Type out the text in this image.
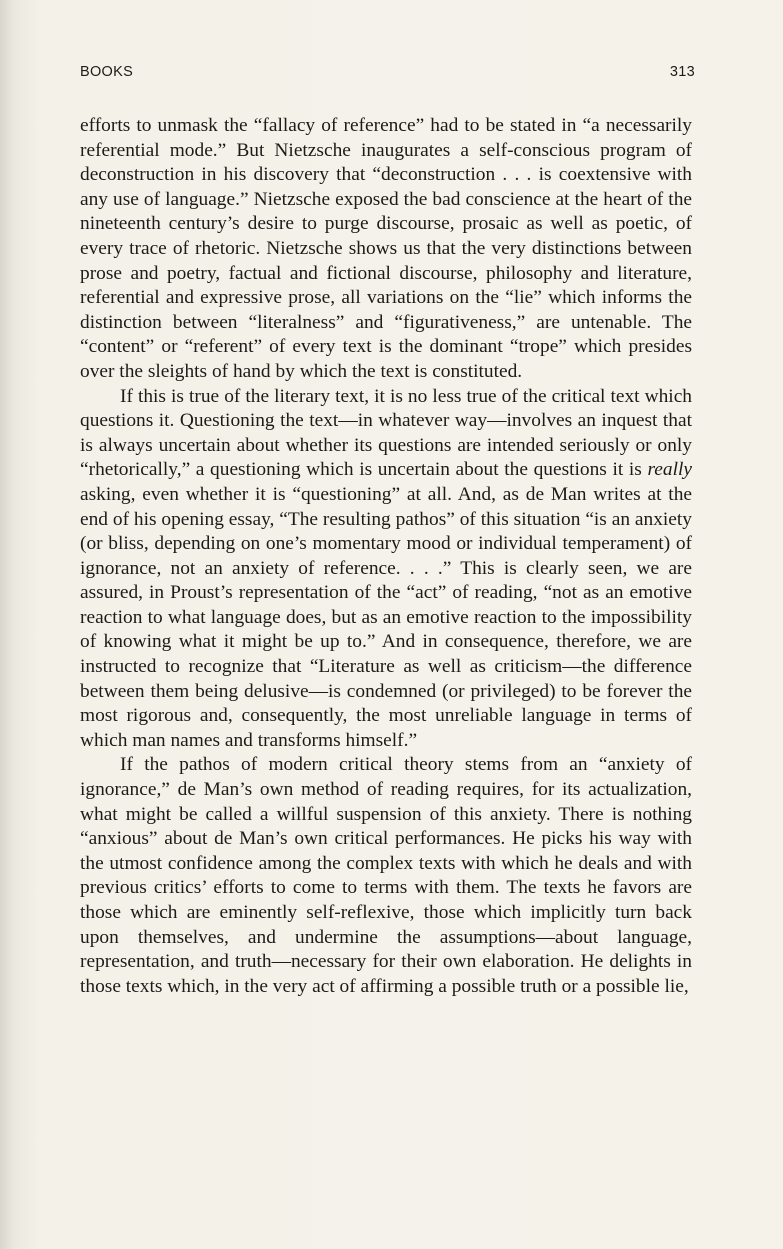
BOOKS	313

efforts to unmask the “fallacy of reference” had to be stated in “a necessarily referential mode.” But Nietzsche inaugurates a self-conscious program of deconstruction in his discovery that “deconstruction . . . is coextensive with any use of language.” Nietzsche exposed the bad conscience at the heart of the nineteenth century’s desire to purge discourse, prosaic as well as poetic, of every trace of rhetoric. Nietzsche shows us that the very distinctions between prose and poetry, factual and fictional discourse, philosophy and literature, referential and expressive prose, all variations on the “lie” which informs the distinction between “literalness” and “figurativeness,” are untenable. The “content” or “referent” of every text is the dominant “trope” which presides over the sleights of hand by which the text is constituted.

If this is true of the literary text, it is no less true of the critical text which questions it. Questioning the text—in whatever way—involves an inquest that is always uncertain about whether its questions are intended seriously or only “rhetorically,” a questioning which is uncertain about the questions it is really asking, even whether it is “questioning” at all. And, as de Man writes at the end of his opening essay, “The resulting pathos” of this situation “is an anxiety (or bliss, depending on one’s momentary mood or individual temperament) of ignorance, not an anxiety of reference. . . .” This is clearly seen, we are assured, in Proust’s representation of the “act” of reading, “not as an emotive reaction to what language does, but as an emotive reaction to the impossibility of knowing what it might be up to.” And in consequence, therefore, we are instructed to recognize that “Literature as well as criticism—the difference between them being delusive—is condemned (or privileged) to be forever the most rigorous and, consequently, the most unreliable language in terms of which man names and transforms himself.”

If the pathos of modern critical theory stems from an “anxiety of ignorance,” de Man’s own method of reading requires, for its actualization, what might be called a willful suspension of this anxiety. There is nothing “anxious” about de Man’s own critical performances. He picks his way with the utmost confidence among the complex texts with which he deals and with previous critics’ efforts to come to terms with them. The texts he favors are those which are eminently self-reflexive, those which implicitly turn back upon themselves, and undermine the assumptions—about language, representation, and truth—necessary for their own elaboration. He delights in those texts which, in the very act of affirming a possible truth or a possible lie,
